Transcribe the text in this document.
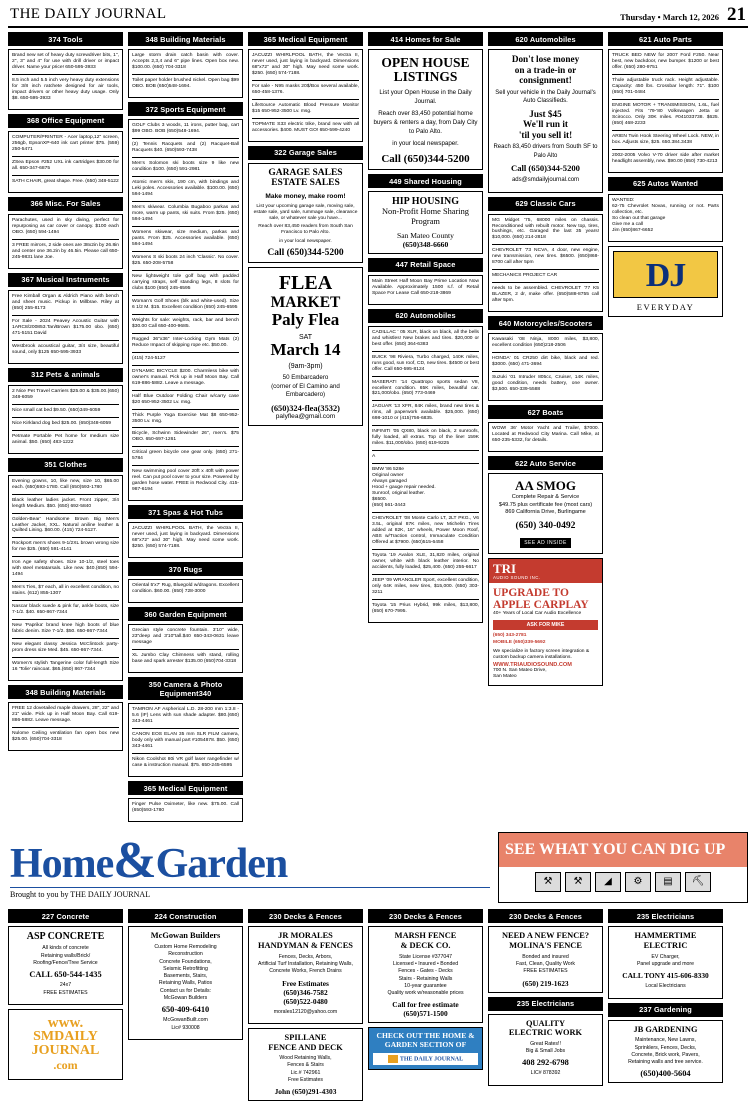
THE DAILY JOURNAL	Thursday • March 12, 2026 21
374 Tools
Brand new set of heavy duty screwdriver bits, 1", 2", 3" and 4" for use with drill driver or impact driver. Name your price! 650-595-3933
8.5 inch and 5.5 inch very heavy duty extensions for 3/8 inch ratchete designed for air tools, impact drivers or other heavy duty usage. Only $8. 650-595-3933
368 Office Equipment
COMPUTER/PRINTER - Acer laptop,12" screen, 256gb, EpsonXP-640 ink cart printer $75. (559) 250-5471
ZSea Epson #252 UXL ink cartridges $30.00 for all. 650-347-6875
SATH CHAIR, great shape. Free. (650) 348-5122
366 Misc. For Sales
Parachutes, used in sky diving, perfect for repurposing as car cover or canopy. $100 each OBO. (650) 594-1494
3 FREE mirrors, 2 side ones are 38x2in by 26.8in and center one 36.2in by 46.5in. Please call 650-245-9831 lane Joe.
367 Musical Instruments
Free Kimball Organ & Aldrich Piano with bench and sheet music. Pickup in Millbrae. Riley at (650) 255-8173
For Sale - 2024 Peavey Acoustic Guitar with 1ARC8/200853.Tan/Brown $175.00 obo. (650) 471-5151 David
Westbrook acoustical guitar, 3/4 size, beautiful sound, only $125 650-595-3933
312 Pets & animals
2 Nice Pet Travel Carriers $25.00 & $35.00.(650) 348-6059
Nice small cat bed $9.50. (650)349-6059
Nice Kirkland dog bed $25.00. (650)348-6059
Petmate Portable Pet home for medium size animal. $50. (650) 483-1222
351 Clothes
Evening gowns, 10, like new, size 10, $65.00 each. (650)593-1780. Call (650)593-1780
Black leather ladies jacket. Front zipper, 3/4 length Medium. $50. (650) 692-5840
Golden-Bear' Handsome Brown Big Men's Leather Jacket, XXL. Natural aniline leather & Quilted Lining. $60.00. (415) 724-5127.
Rockport men's shoes 9-1/2XL brown wrong size for me $25. (650) 591-4141
Iron Age safety shoes. Size 10-1/2, steel toes with steel metatarsals. Like new. $40.(650) 594-1494
Men's Ties, $7 each, all in excellent condition, no stains. (612) 855-1307
Nascar black suede & pink fur, ankle boots, size 7-1/2. $40. 650-867-7344
New 'Paprika' brand knee high boots of blue fabric denim. Size 7-1/2. $50. 650-867-7344
New elegant classy Jessica McClintock party-prom dress size Med. $45. 650-867-7344.
Women's stylish Tangerine color full-length Size 16 'Tolie' raincoat. $65.(650) 867-7344
348 Building Materials
FREE 12 dovetailed maple drawers, 28", 22" and 21" wide. Pick up in Half Moon Bay. Call 619-886-5882. Leave message.
Nulome Ceiling ventilation fan open box new $25.00. (650)704-3318
348 Building Materials
Large storm drain catch basin with cover. Accepts 2,3,4 and 6" pipe lines. Open box new. $100.00. (650) 704-3318
Toilet paper holder brushed nickel. Open bag $99 OBO. BOB (650)548-1694.
372 Sports Equipment
GOLF Clubs 3 woods, 11 irons, putter bag, cart $99 OBO. BOB (650)548-1694.
(2) Tennis Racquets and (2) Racquet-Ball Racquets $40. (650)593-7438
Men's Solomon ski boots size 9 like new condition $100. (650) 591-2981
Atomic men's skis, 190 cm, with bindings and Leki poles. Accessories available. $100.00. (650) 594-1494
Men's skiwear. Columbia Bugaboo parkas and more, warm up pants, ski suits. From $25. (650) 594-1494
Womens skiwear, size medium, parkas and pants. From $25. Accessories available. (650) 594-1494
Womens S ski boots 24 inch 'Classic'. No cover. $25. 650-208-5758
New lightweight tole golf bag with padded carrying straps, self standing legs, 8 slots for clubs $100 (650) 245-6595
Woman's Golf Shoes (blk and white-used). Size 6 1/2 M. $15. Excellent condition (650) 245-6595
Weights for sale: weights, rack, bar and bench $30.00 Call 650-400-9685.
Rugged 36"x36" Inter-Locking Gym Mats (2) Reduce Impact of skipping rope etc. $50.00.
(415) 724-5127
DYNAMIC BICYCLE $200. Charmless bike with owner's manual. Pick up in Half Moon Bay. Call 619-886-5882. Leave a message.
Half Blue Outdoor Folding Chair w/carry case $20 650-952-3502 Lv. msg.
Thick Purple Yoga Exercise Mat $8 650-952-3500 Lv. msg.
Bicycle, Schwinn Sidewinder 26", men's. $75 OBO. 650-697-1261
Critical green bicycle one gear only. (650) 271-5784
New swimming pool cover 20ft x 40ft with power reel. Can put pool cover to your size. Powered by garden hose water. FREE in Redwood City. 415-987-6194
371 Spas & Hot Tubs
JACUZZI WHIRLPOOL BATH, the Vectra II, never used, just laying in backyard. Dimensions 68"x72" and 30" high. May need some work. $250. (650) 574-7188.
370 Rugs
Oriental 5'x7' Rug, Bluegold w/dragons. Excellent condition. $60.00. (650) 728-3000
360 Garden Equipment
Grecian style concrete fountain. 3'10" wide, 23"deep and 3'10"tall.$40 650-343-0631 leave message
XL Jumbo Clay Chimness with stand, rolling base and spark arrester $135.00 (650)704-3318
350 Camera & Photo Equipment340
TAMRON AF Aspherical L.D. 28-200 mm 1:3.8 - 5.6 (IF) Lens with sun shade adapter. $80.(650) 343-4461
CANON EOS ELAN 35 mm SLR FILM camera, body only with manual part #1054878. $50. (650) 343-4461
Nikon Coolshot 80i VR golf laser rangefinder w/ case & instruction manual. $75. 650-245-6595
365 Medical Equipment
Finger Pulse Oximeter, like new. $75.00. Call (650)593-1780
365 Medical Equipment
JACUZZI WHIRLPOOL BATH, the Vectra II, never used, just laying in backyard. Dimensions 68"x72" and 30" high. May need some work. $250. (650) 574-7188.
For sale - N95 masks 20$/Box several available, 650-458-1376.
LifeSource Automatic Blood Pressure Monitor $15 650-952-3500 Lv. msg.
TOPMATE S33 electric trike, brand new with all accessories. $400. MUST GO! 650-599-4240
322 Garage Sales
GARAGE SALES
ESTATE SALES
Make money, make room!
List your upcoming garage sale, moving sale, estate sale, yard sale, rummage sale, clearance sale, or whatever sale you have...
Reach over 83,450 readers from South San Francisco to Palo Alto.
in your local newspaper.
Call (650)344-5200
FLEA
MARKET
Paly Flea
SAT
March 14
(9am-3pm)
50 Embarcadero
(corner of El Camino and Embarcadero)
(650)324-flea(3532)
palyflea@gmail.com
414 Homes for Sale
OPEN HOUSE LISTINGS

List your Open House in the Daily Journal.

Reach over 83,450 potential home buyers & renters a day, from Daly City to Palo Alto.

in your local newspaper.

Call (650)344-5200
449 Shared Housing
HIP HOUSING
Non-Profit Home Sharing Program
San Mateo County
(650)348-6660
447 Retail Space
Main Street Half Moon Bay Prime Location Now Available. Approximately 1500 s.f. of Retail Space For Lease Call 650-218-3869
620 Automobiles
CADILLAC ' 05 XLR, black on black, all the bells and whistles! New brakes and tires. $20,000 or best offer. (650) 364-6383
BUICK '98 Riviera, Turbo charged, 140K miles, runs good, sun roof, CD, new tires. $4500 or best offer. Call 650-595-8124
MASERATI '14 Quattropo sports sedan V8, excellent condition. 65K miles, beautiful car. $21,000/obo. (650) 773-0469
JAGUAR '13 XFR, 84K miles, brand new tires & rims, all paperwork available. $25,000. (650) 698-1010 or (415)756-6835.
INFINITI '05 QX80, black on black, 2 sunroofs, fully loaded, all extras. Top of the line! 159K miles. $11,000/obo. (650) 619-9225
A
BMW '86 528e
Original owner
Always garaged
Hood + gauge repair needed.
Sunroof, original leather.
$6500.
(650) 561-3443
CHEVROLET '08 Monte Carlo LT, 2LT PKG., V6 3.5L, original 87K miles, new Michelin Tires added at 82K, 16" wheels, Power Moon Roof, ABS w/Traction control, Immaculate Condition Offered at $7900. (650)515-6458
Toyota '19 Avalon XLE, 31,820 miles, original owner, white with black leather interior. No accidents, fully loaded, $25,400. (650) 255-6617
JEEP '09 WRANGLER Sport, excellent condition, only 64K miles, new tires, $15,000. (650) 303-3211
Toyota '15 Prius Hybrid, 99k miles, $13,800, (650) 670-7995.
620 Automobiles
Don't lose money
on a trade-in or
consignment!
Sell your vehicle in the Daily Journal's Auto Classifieds.
Just $45
We'll run it
'til you sell it!
Reach 83,450 drivers from South SF to Palo Alto
Call (650)344-5200
ads@smdailyjournal.com
629 Classic Cars
MG Midget '75, 68000 miles on chassis. Reconditioned with rebuilt motor. New top, tires, bushings, etc. Garaged the last 35 years! $10,000. (650) 214-2818
CHEVROLET '73 NCVA, 4 door, new engine, new transmission, new tires. $6500. (650)868-8700 call after 5pm
MECHANICS PROJECT CAR
needs to be assembled. CHEVROLET '77 K5 BLAZER, 2 dr, make offer. (650)588-8755 call after 5pm.
640 Motorcycles/Scooters
Kawasaki '08 Ninja, 8000 miles, $3,800, excellent condition (650)218-2506
HONDA' 01 CR250 dirt bike, black and red. $3000. (650) 471-3694
Suzuki '01 Intruder 805cc, Cruiser, 14K miles, good condition, needs battery, one owner. $3,500. 650-339-5588
627 Boats
WOW! 36' Motor Yacht and Trailer, $7000. Located at Redwood City Marina. Call Mike, at 650-235-5332, for details.
622 Auto Service
AA SMOG
Complete Repair & Service
$49.75 plus certificate fee (most cars)
869 California Drive, Burlingame
(650) 340-0492
SEE AD INSIDE
TRI
AUDIO SOUND INC.
UPGRADE TO APPLE CARPLAY
40+ Years of Local Car Audio Excellence
ASK FOR MIKE
(650) 343-2781
MOBILE (650)339-5692
We specialize in factory screen integration & custom backup camera installations.
WWW.TRIAUDIOSOUND.COM
700 N. San Mateo Drive,
San Mateo
621 Auto Parts
TRUCK BED NEW for 2007 Ford F250. Near best, new backdoor, new bumper. $1200 or best offer. (650) 280-9751
Thule adjustable truck rack. Height adjustable. Capacity: 450 lbs. Crossbar length: 71". $100 (650) 701-0484
ENGINE MOTOR + TRANSMISSION, 1.6L, fuel injected. Fits '79-'80 Volkswagen Jetta or Scirocco. Only 30K miles. #041033738. $625. (650) 468-2233
ARIEN Twin Hook Steering Wheel Lock. NEW, in box. Adjusts size, $25. 650.384.3438
2002-2005 Volvo V-70 driver side after market headlight assembly, new. $90.00 (650) 730-4213
625 Autos Wanted
WANTED:
62-75 Chevrolet Novas, running or not. Parts collection, etc.
So clean out that garage
Give me a call
Jim (650)867-6652
DJ
EVERYDAY
Home&Garden
Brought to you by THE DAILY JOURNAL
SEE WHAT YOU CAN DIG UP
⚒	⚒	◢	⚙	▤	⛏
227 Concrete
ASP CONCRETE
All kinds of concrete
Retaining walls/Brick/
Roofing/Fence/Tree Service
CALL 650-544-1435
24x7
FREE ESTIMATES
www.
SMDAILY JOURNAL
.com
224 Construction
McGowan Builders
Custom Home Remodeling
Reconstruction
Concrete Foundations,
Seismic Retrofitting
Basements, Stairs,
Retaining Walls, Patios
Contact us for Details:
McGowan Builders
650-409-6410
McGowanBuilt.com
Lic# 930008
230 Decks & Fences
JR MORALES
HANDYMAN & FENCES
Fences, Decks, Arbors,
Artificial Turf Installation, Retaining Walls,
Concrete Works, French Drains
Free Estimates
(650)346-7582
(650)522-0480
morales12120@yahoo.com
SPILLANE
FENCE AND DECK
Wood Retaining Walls,
Fences & Stairs
Lic.# 742961
Free Estimates
John (650)291-4303
230 Decks & Fences
MARSH FENCE
& DECK CO.
State License #377047
Licensed • Insured • Bonded
Fences - Gates - Decks
Stairs - Retaining Walls
10-year guarantee
Quality work w/reasonable prices
Call for free estimate
(650)571-1500
CHECK OUT THE HOME & GARDEN SECTION OF
THE DAILY JOURNAL
230 Decks & Fences
NEED A NEW FENCE?
MOLINA'S FENCE
Bonded and insured
Fast, Clean, Quality Work
FREE ESTIMATES
(650) 219-1623
235 Electricians
QUALITY
ELECTRIC WORK
Great Rates!!
Big & Small Jobs
408 292-6798
LIC# 878392
235 Electricians
HAMMERTIME
ELECTRIC
EV Charger,
Panel upgrade and more
CALL TONY 415-606-8330
Local Electricians
237 Gardening
JB GARDENING
Maintenance, New Lawns,
Sprinklers, Fences, Decks,
Concrete, Brick work, Pavers,
Retaining walls and tree service.
(650)400-5604
